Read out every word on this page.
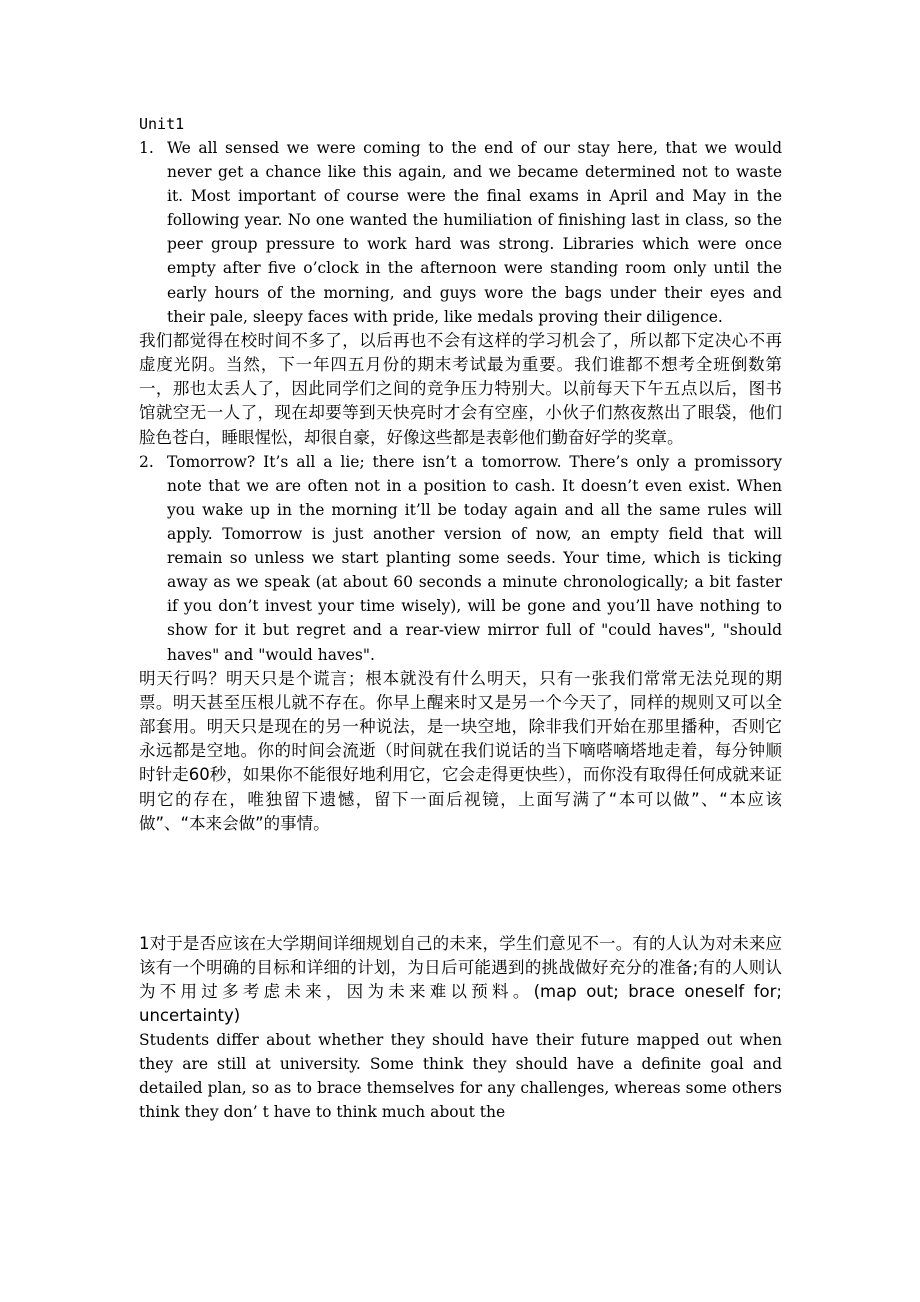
Unit1

1. We all sensed we were coming to the end of our stay here, that we would never get a chance like this again, and we became determined not to waste it. Most important of course were the final exams in April and May in the following year. No one wanted the humiliation of finishing last in class, so the peer group pressure to work hard was strong. Libraries which were once empty after five o’clock in the afternoon were standing room only until the early hours of the morning, and guys wore the bags under their eyes and their pale, sleepy faces with pride, like medals proving their diligence.

我们都觉得在校时间不多了，以后再也不会有这样的学习机会了，所以都下定决心不再虚度光阴。当然，下一年四五月份的期末考试最为重要。我们谁都不想考全班倒数第一，那也太丢人了，因此同学们之间的竞争压力特别大。以前每天下午五点以后，图书馆就空无一人了，现在却要等到天快亮时才会有空座，小伙子们熬夜熬出了眼袋，他们脸色苍白，睡眼惺忪，却很自豪，好像这些都是表彰他们勤奋好学的奖章。

2. Tomorrow? It’s all a lie; there isn’t a tomorrow. There’s only a promissory note that we are often not in a position to cash. It doesn’t even exist. When you wake up in the morning it’ll be today again and all the same rules will apply. Tomorrow is just another version of now, an empty field that will remain so unless we start planting some seeds. Your time, which is ticking away as we speak (at about 60 seconds a minute chronologically; a bit faster if you don’t invest your time wisely), will be gone and you’ll have nothing to show for it but regret and a rear-view mirror full of "could haves", "should haves" and "would haves".

明天行吗？明天只是个谎言；根本就没有什么明天，只有一张我们常常无法兑现的期票。明天甚至压根儿就不存在。你早上醒来时又是另一个今天了，同样的规则又可以全部套用。明天只是现在的另一种说法，是一块空地，除非我们开始在那里播种，否则它永远都是空地。你的时间会流逝（时间就在我们说话的当下嘀嗒嘀塔地走着，每分钟顺时针走60秒，如果你不能很好地利用它，它会走得更快些），而你没有取得任何成就来证明它的存在，唯独留下遗憾，留下一面后视镜，上面写满了“本可以做”、“本应该做”、“本来会做”的事情。

1对于是否应该在大学期间详细规划自己的未来，学生们意见不一。有的人认为对未来应该有一个明确的目标和详细的计划，为日后可能遇到的挑战做好充分的准备;有的人则认为不用过多考虑未来，因为未来难以预料。(map out; brace oneself for; uncertainty)

Students differ about whether they should have their future mapped out when they are still at university. Some think they should have a definite goal and detailed plan, so as to brace themselves for any challenges, whereas some others think they don’ t have to think much about the
